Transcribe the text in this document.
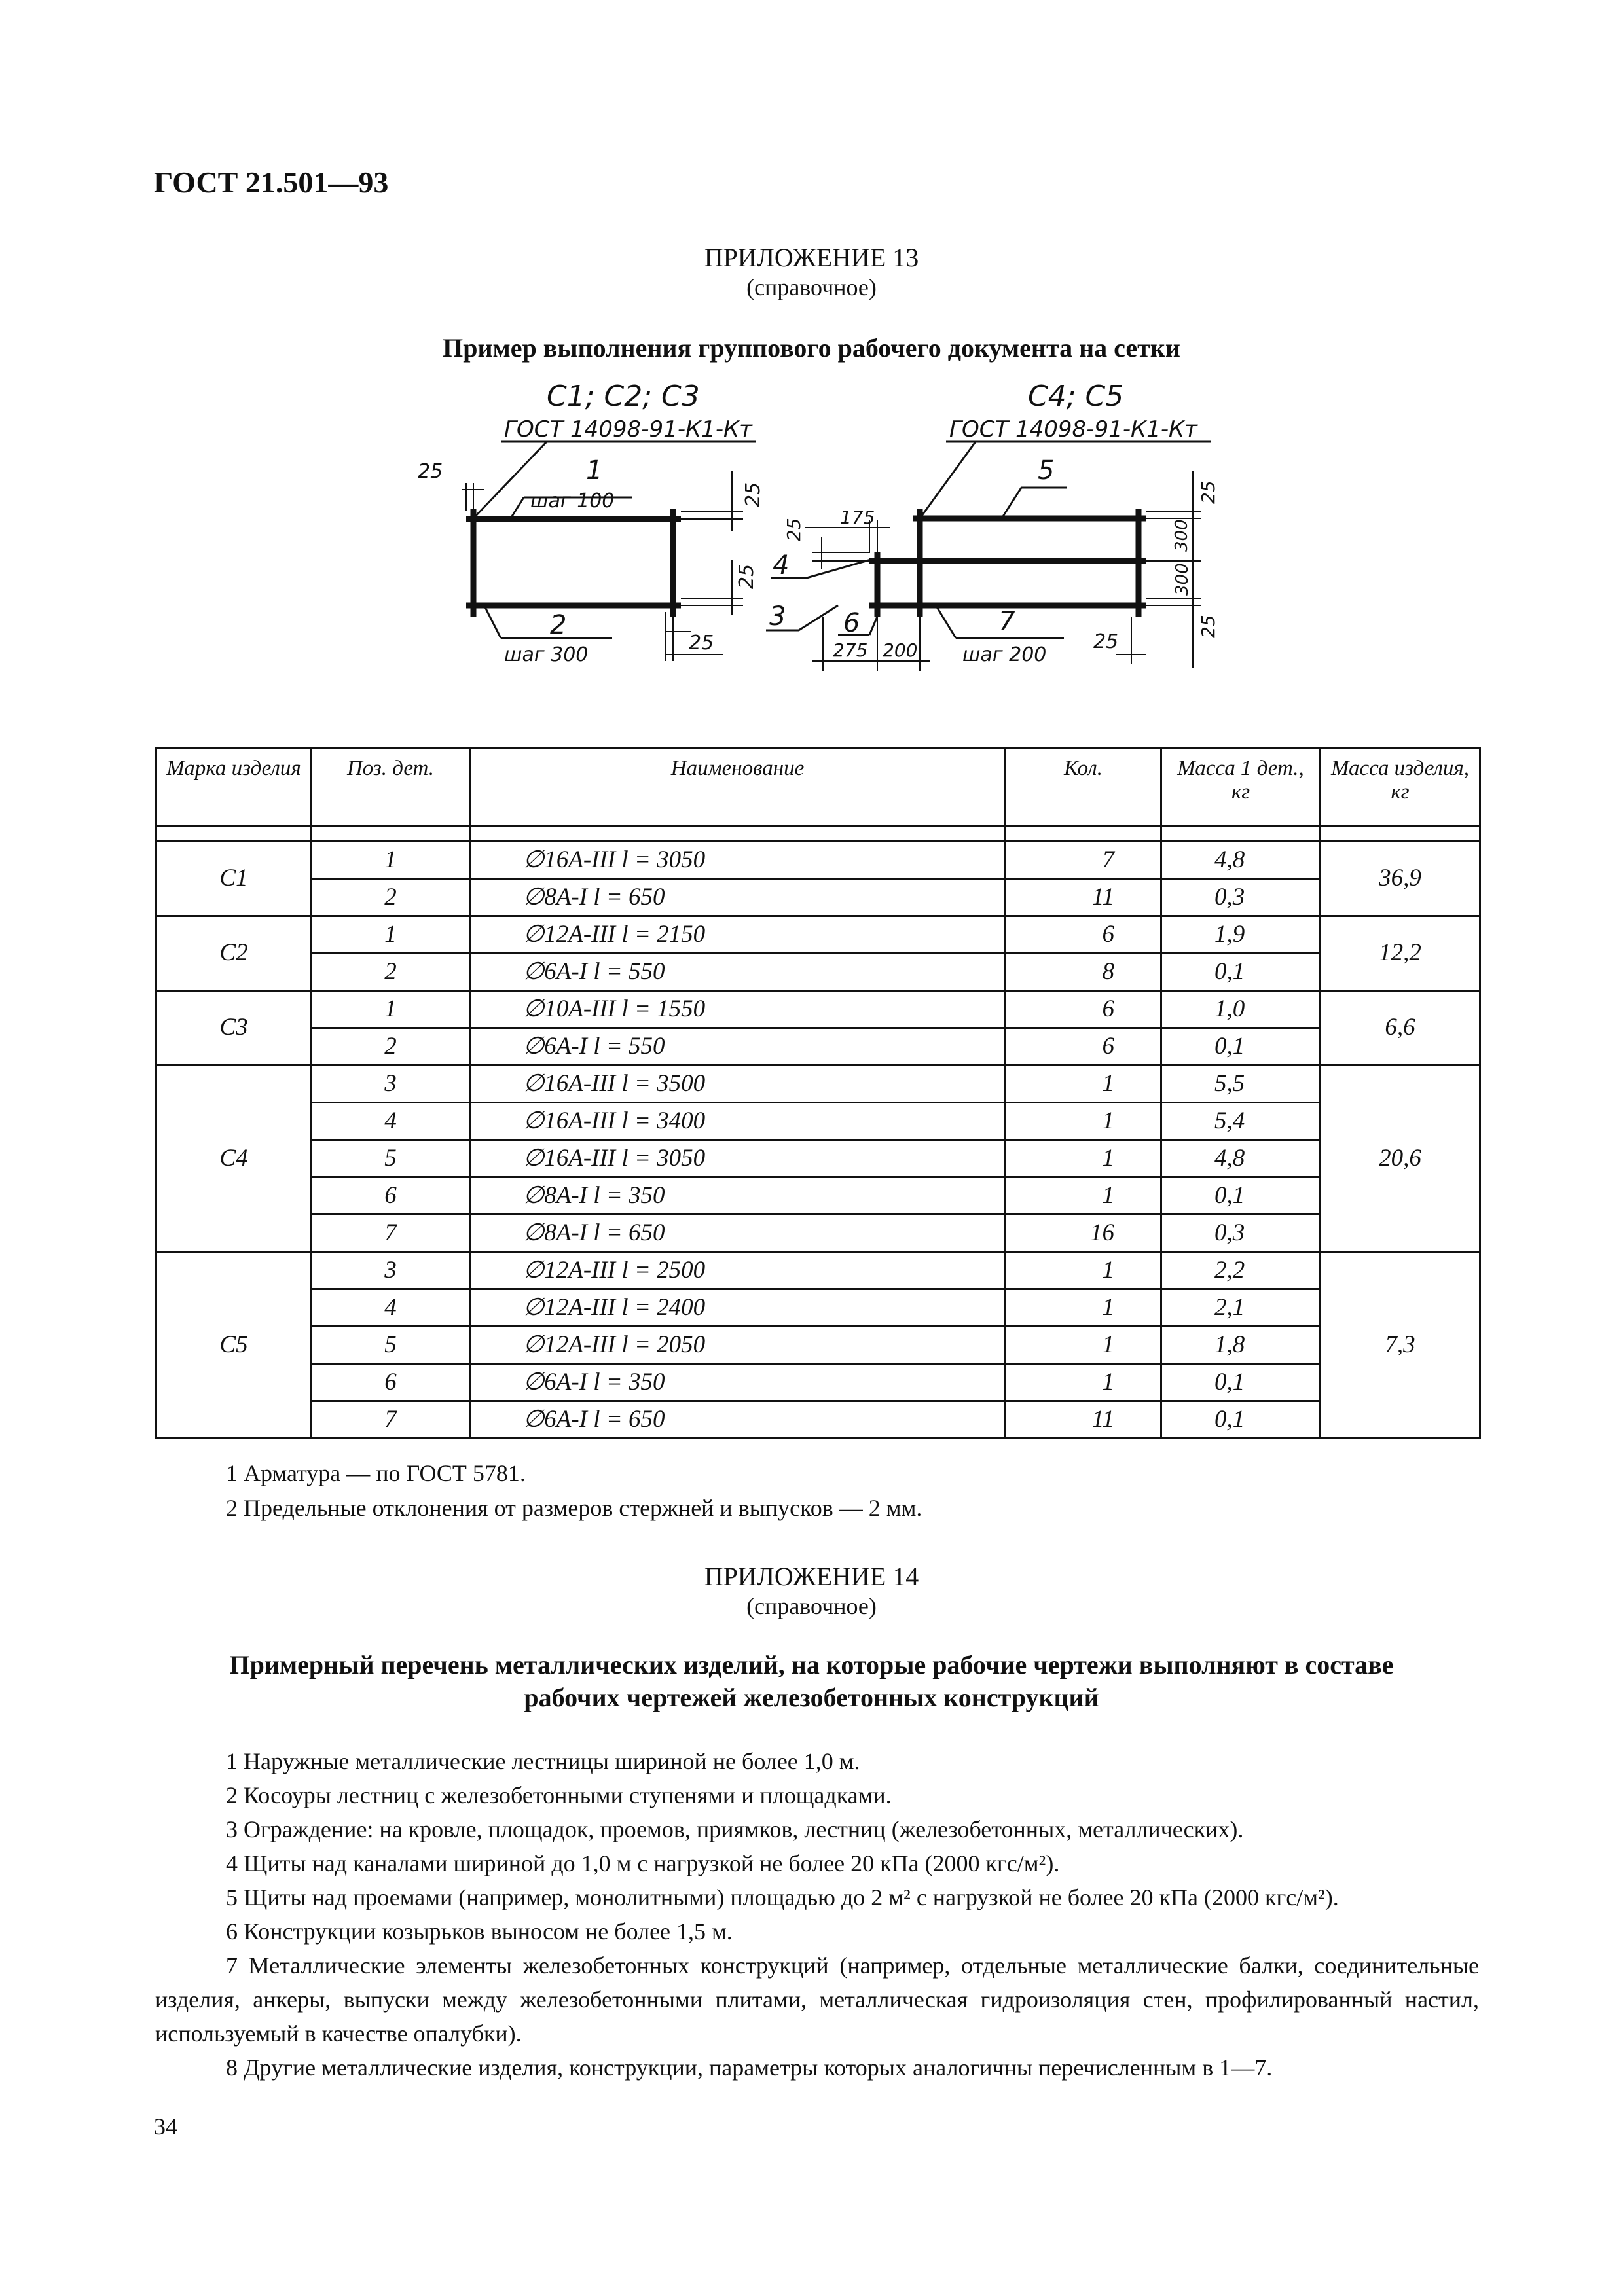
ГОСТ 21.501—93
ПРИЛОЖЕНИЕ 13
(справочное)
Пример выполнения группового рабочего документа на сетки
С1; С2; С3
ГОСТ 14098-91-К1-Кт
1
шаг 100
2
шаг 300
25
25
25
25
С4; С5
ГОСТ 14098-91-К1-Кт
5
4
3 6	7
шаг 200
175
25
275 200	25
25
300
300
25
Марка изделия	Поз. дет.	Наименование	Кол.	Масса 1 дет., кг	Масса изделия, кг

С1	1	∅16A-III l = 3050	7	4,8	36,9
	2	∅8A-I l = 650	11	0,3	
С2	1	∅12A-III l = 2150	6	1,9	12,2
	2	∅6A-I l = 550	8	0,1	
С3	1	∅10A-III l = 1550	6	1,0	6,6
	2	∅6A-I l = 550	6	0,1	
С4	3	∅16A-III l = 3500	1	5,5	20,6
	4	∅16A-III l = 3400	1	5,4	
	5	∅16A-III l = 3050	1	4,8	
	6	∅8A-I l = 350	1	0,1	
	7	∅8A-I l = 650	16	0,3	
С5	3	∅12A-III l = 2500	1	2,2	7,3
	4	∅12A-III l = 2400	1	2,1	
	5	∅12A-III l = 2050	1	1,8	
	6	∅6A-I l = 350	1	0,1	
	7	∅6A-I l = 650	11	0,1	
1 Арматура — по ГОСТ 5781.
2 Предельные отклонения от размеров стержней и выпусков — 2 мм.
ПРИЛОЖЕНИЕ 14
(справочное)
Примерный перечень металлических изделий, на которые рабочие чертежи выполняют в составе
рабочих чертежей железобетонных конструкций

1 Наружные металлические лестницы шириной не более 1,0 м.

2 Косоуры лестниц с железобетонными ступенями и площадками.

3 Ограждение: на кровле, площадок, проемов, приямков, лестниц (железобетонных, металлических).

4 Щиты над каналами шириной до 1,0 м с нагрузкой не более 20 кПа (2000 кгс/м²).

5 Щиты над проемами (например, монолитными) площадью до 2 м² с нагрузкой не более 20 кПа (2000 кгс/м²).

6 Конструкции козырьков выносом не более 1,5 м.

7 Металлические элементы железобетонных конструкций (например, отдельные металлические балки, соединительные изделия, анкеры, выпуски между железобетонными плитами, металлическая гидроизоляция стен, профилированный настил, используемый в качестве опалубки).

8 Другие металлические изделия, конструкции, параметры которых аналогичны перечисленным в 1—7.

34
